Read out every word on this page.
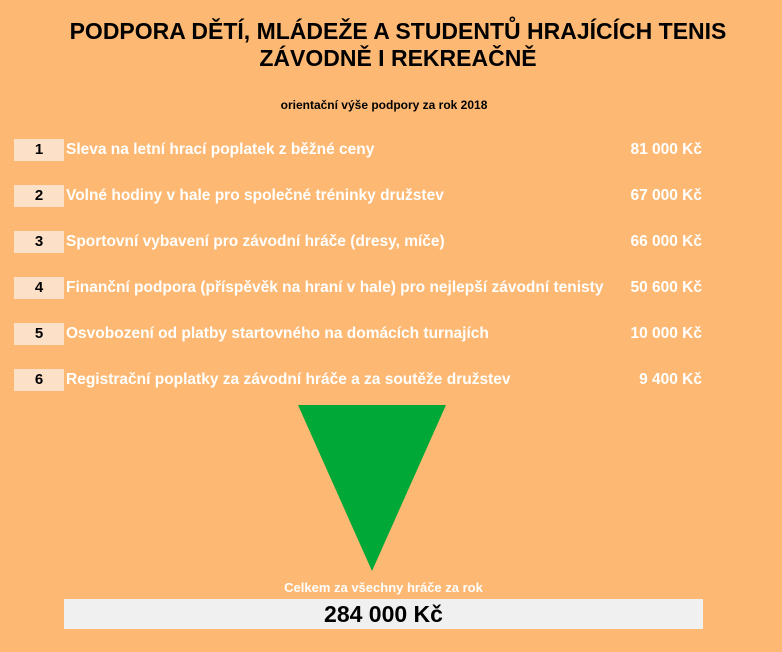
PODPORA DĚTÍ, MLÁDEŽE A STUDENTŮ HRAJÍCÍCH TENIS
ZÁVODNĚ I REKREAČNĚ
orientační výše podpory za rok 2018
1	Sleva na letní hrací poplatek z běžné ceny	81 000 Kč
2	Volné hodiny v hale pro společné tréninky družstev	67 000 Kč
3	Sportovní vybavení pro závodní hráče (dresy, míče)	66 000 Kč
4	Finanční podpora (příspěvěk na hraní v hale) pro nejlepší závodní tenisty 50 600 Kč
5	Osvobození od platby startovného na domácích turnajích	10 000 Kč
6	Registrační poplatky za závodní hráče a za soutěže družstev	9 400 Kč
Celkem za všechny hráče za rok
284 000 Kč
